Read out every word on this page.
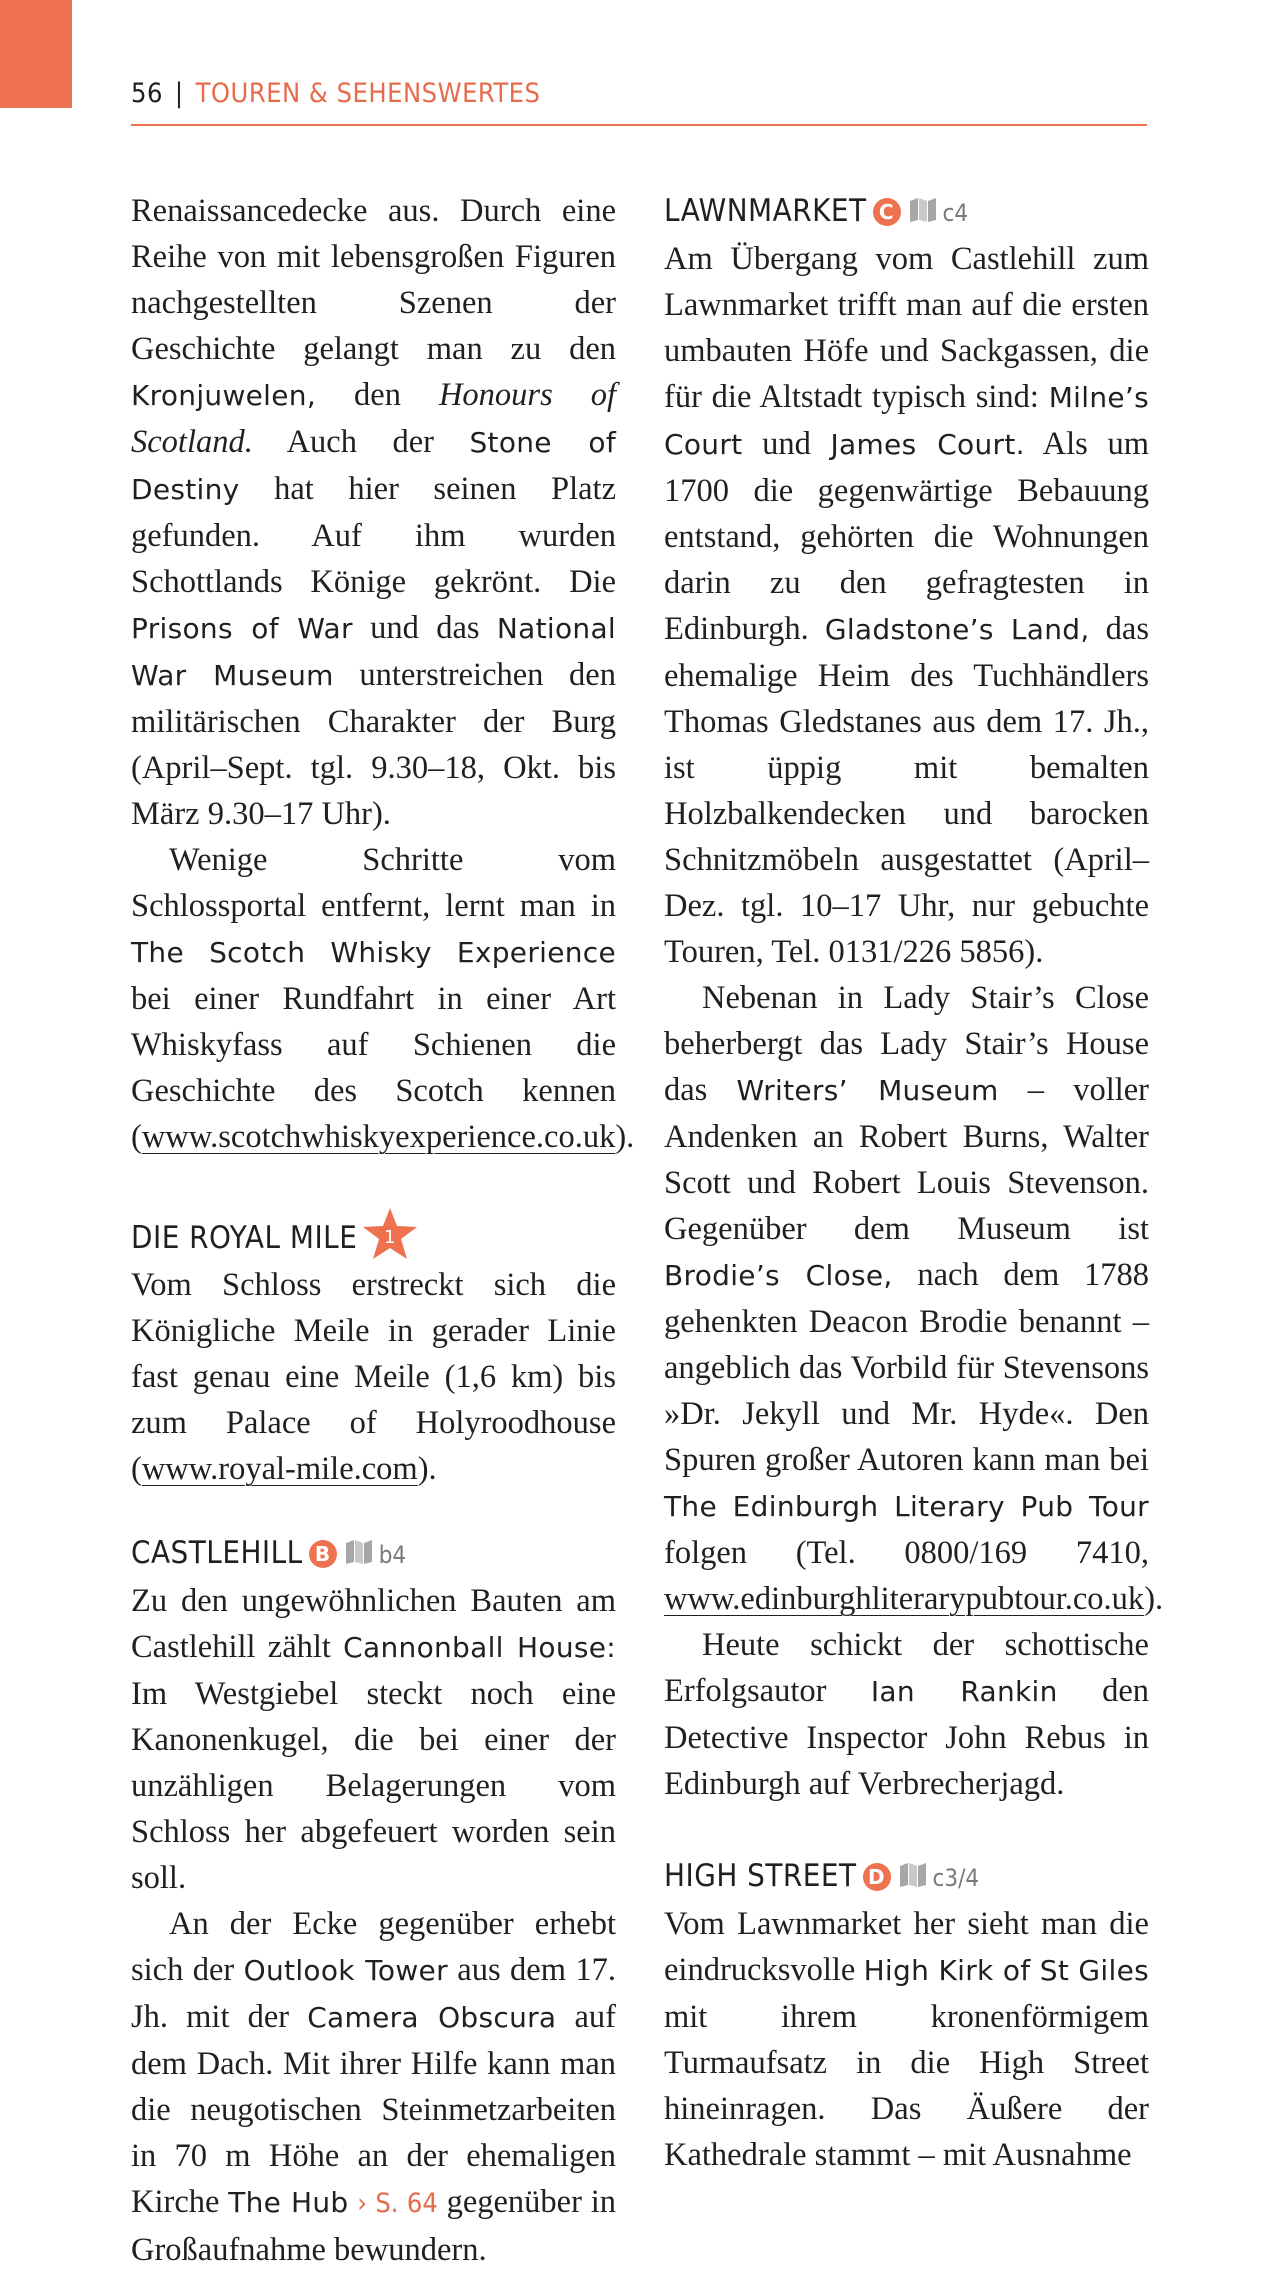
56 | TOUREN & SEHENSWERTES

Renaissancedecke aus. Durch eine Reihe von mit lebensgroßen Figuren nachgestellten Szenen der Geschichte gelangt man zu den Kronjuwelen, den Honours of Scotland. Auch der Stone of Destiny hat hier seinen Platz gefunden. Auf ihm wurden Schottlands Könige gekrönt. Die Prisons of War und das National War Museum unterstreichen den militärischen Charakter der Burg (April–Sept. tgl. 9.30–18, Okt. bis März 9.30–17 Uhr).

Wenige Schritte vom Schlossportal entfernt, lernt man in The Scotch Whisky Experience bei einer Rundfahrt in einer Art Whiskyfass auf Schienen die Geschichte des Scotch kennen (www.scotchwhiskyexperience.co.uk).

DIE ROYAL MILE 1

Vom Schloss erstreckt sich die Königliche Meile in gerader Linie fast genau eine Meile (1,6 km) bis zum Palace of Holyroodhouse (www.royal-mile.com).

CASTLEHILL B b4

Zu den ungewöhnlichen Bauten am Castlehill zählt Cannonball House: Im Westgiebel steckt noch eine Kanonenkugel, die bei einer der unzähligen Belagerungen vom Schloss her abgefeuert worden sein soll.

An der Ecke gegenüber erhebt sich der Outlook Tower aus dem 17. Jh. mit der Camera Obscura auf dem Dach. Mit ihrer Hilfe kann man die neugotischen Steinmetzarbeiten in 70 m Höhe an der ehemaligen Kirche The Hub › S. 64 gegenüber in Großaufnahme bewundern.

LAWNMARKET C c4

Am Übergang vom Castlehill zum Lawnmarket trifft man auf die ersten umbauten Höfe und Sackgassen, die für die Altstadt typisch sind: Milne’s Court und James Court. Als um 1700 die gegenwärtige Bebauung entstand, gehörten die Wohnungen darin zu den gefragtesten in Edinburgh. Gladstone’s Land, das ehemalige Heim des Tuchhändlers Thomas Gledstanes aus dem 17. Jh., ist üppig mit bemalten Holzbalkendecken und barocken Schnitzmöbeln ausgestattet (April–Dez. tgl. 10–17 Uhr, nur gebuchte Touren, Tel. 0131/226 5856).

Nebenan in Lady Stair’s Close beherbergt das Lady Stair’s House das Writers’ Museum – voller Andenken an Robert Burns, Walter Scott und Robert Louis Stevenson. Gegenüber dem Museum ist Brodie’s Close, nach dem 1788 gehenkten Deacon Brodie benannt – angeblich das Vorbild für Stevensons »Dr. Jekyll und Mr. Hyde«. Den Spuren großer Autoren kann man bei The Edinburgh Literary Pub Tour folgen (Tel. 0800/169 7410, www.edinburghliterarypubtour.co.uk).

Heute schickt der schottische Erfolgsautor Ian Rankin den Detective Inspector John Rebus in Edinburgh auf Verbrecherjagd.

HIGH STREET D c3/4

Vom Lawnmarket her sieht man die eindrucksvolle High Kirk of St Giles mit ihrem kronenförmigem Turmaufsatz in die High Street hineinragen. Das Äußere der Kathedrale stammt – mit Ausnahme
